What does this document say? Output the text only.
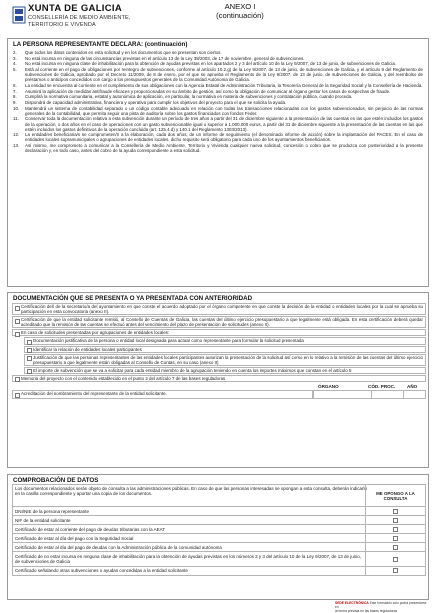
XUNTA DE GALICIA
CONSELLERÍA DE MEDIO AMBIENTE,
TERRITORIO E VIVENDA
ANEXO I
(continuación)
LA PERSONA REPRESENTANTE DECLARA: (continuación)
2.	Que todos los datos contenidos en esta solicitud y en los documentos que se presentan son ciertos.
3.	No está incursa en ninguna de las circunstancias previstas en el artículo 13 de la Ley 38/2003, de 17 de noviembre, general de subvenciones.
4.	No está incursa en ninguna clase de inhabilitación para la obtención de ayudas previstas en los apartados 2 y 3 del artículo 10 de la Ley 9/2007, de 13 de junio, de subvenciones de Galicia.
5.	Está al corriente en el pago de obligaciones por reintegro de subvenciones, conforme al artículo 10.2.g) de la Ley 9/2007, de 13 de junio, de subvenciones de Galicia, y el artículo 9 del Reglamento de subvenciones de Galicia, aprobado por el Decreto 11/2009, de 8 de enero, por el que se aprueba el Reglamento de la Ley 9/2007, de 13 de junio, de subvenciones de Galicia, y del reembolso de préstamos o anticipos concedidos con cargo a los presupuestos generales de la Comunidad Autónoma de Galicia.
6.	La entidad se encuentra al corriente en el cumplimiento de sus obligaciones con la Agencia Estatal de Administración Tributaria, la Tesorería General de la Seguridad Social y la Consellería de Hacienda.
7.	Asumirá la aplicación de medidas antifraude eficaces y proporcionadas en su ámbito de gestión, así como la obligación de comunicar al órgano gestor los casos de sospechas de fraude.
8.	Cumplirá la normativa comunitaria, estatal y autonómica de aplicación, en particular, la normativa en materia de subvenciones y contratación pública, cuando proceda.
9.	Dispondrá de capacidad administrativa, financiera y operativa para cumplir los objetivos del proyecto para el que se solicita la ayuda.
10.	Mantendrá un sistema de contabilidad separado o un código contable adecuado en relación con todas las transacciones relacionadas con los gastos subvencionados, sin perjuicio de las normas generales de la contabilidad, que permita seguir una pista de auditoría sobre los gastos financiados con fondos Feder.
11.	Conservar toda la documentación relativa a esta subvención durante un período de tres años a partir del 31 de diciembre siguiente a la presentación de las cuentas en las que estén incluidos los gastos de la operación, o dos años en el caso de operaciones con un gasto subvencionable igual o superior a 1.000.000 euros, a partir del 31 de diciembre siguiente a la presentación de las cuentas en las que estén incluidos los gastos definitivos de la operación concluida (art. 125.4.d) y 140.1 del Reglamento 1303/2013).
12.	La entidad/es beneficiaria/s se comprometen/n a la elaboración, cada dos años, de un informe de seguimiento (el denominado informe de acción) sobre la implantación del PACES. En el caso de entidades locales supramunicipales o agrupaciones de entidades locales, dicho requisito será obligatorio para cada uno de los ayuntamientos beneficiarios.
13.	Así mismo, me comprometo a comunicar a la Consellería de Medio Ambiente, Territorio y Vivienda cualquier nueva solicitud, concesión o cobro que se produzca con posterioridad a la presente declaración y, en todo caso, antes del cobro de la ayuda correspondiente a esta solicitud.
DOCUMENTACIÓN QUE SE PRESENTA O YA PRESENTADA CON ANTERIORIDAD
Certificación del/ de la secretario/a del ayuntamiento en que conste el acuerdo adoptado por el órgano competente en que conste la decisión de la entidad o entidades locales por la cual se aprueba su participación en esta convocatoria (anexo II).
Certificación de que la entidad solicitante remitió, al Consello de Cuentas de Galicia, las cuentas del último ejercicio presupuestario a que legalmente está obligada. En esta certificación deberá quedar acreditado que la remisión de las cuentas se efectuó antes del vencimiento del plazo de presentación de solicitudes (anexo II).
En caso de solicitudes presentadas por agrupaciones de entidades locales:
Documentación justificativa de la persona o entidad local designada para actuar como representante para formular la solicitud presentada
Identificar la relación de entidades locales participantes
Justificación de que las personas representantes de las entidades locales participantes autorizan la presentación de la solicitud así como en lo relativo a la remisión de las cuentas del último ejercicio presupuestario a que legalmente están obligadas al Consello de Contas, en su caso (anexo II)
El importe de subvención que se va a solicitar para cada entidad miembro de la agrupación teniendo en cuenta los importes máximos que constan en el artículo 5
Memoria del proyecto con el contenido establecido en el punto 2 del artículo 7 de las bases reguladoras
ÓRGANO	CÓD. PROC.	AÑO
Acreditación del nombramiento del representante de la entidad solicitante.
COMPROBACIÓN DE DATOS
Los documentos relacionados serán objeto de consulta a las administraciones públicas. En caso de que las personas interesadas se opongan a esta consulta, deberán indicarlo en la casilla correspondiente y aportar una copia de los documentos.	ME OPONGO A LA CONSULTA
DNI/NIE de la persona representante
NIF de la entidad solicitante
Certificado de estar al corriente del pago de deudas tributarias con la AEAT
Certificado de estar al día del pago con la Seguridad Social
Certificado de estar al día del pago de deudas con la Administración pública de la comunidad autónoma
Certificado de no estar incursa en ninguna clase de inhabilitación para la obtención de ayudas previstas en los números 2 y 3 del artículo 10 de la Ley 9/2007, de 13 de junio, de subvenciones de Galicia
Certificado señalando otras subvenciones o ayudas concedidas a la entidad solicitante
SEDE ELECTRÓNICA Este formulario solo podrá presentarse en
la forma prevista en las bases reguladoras
